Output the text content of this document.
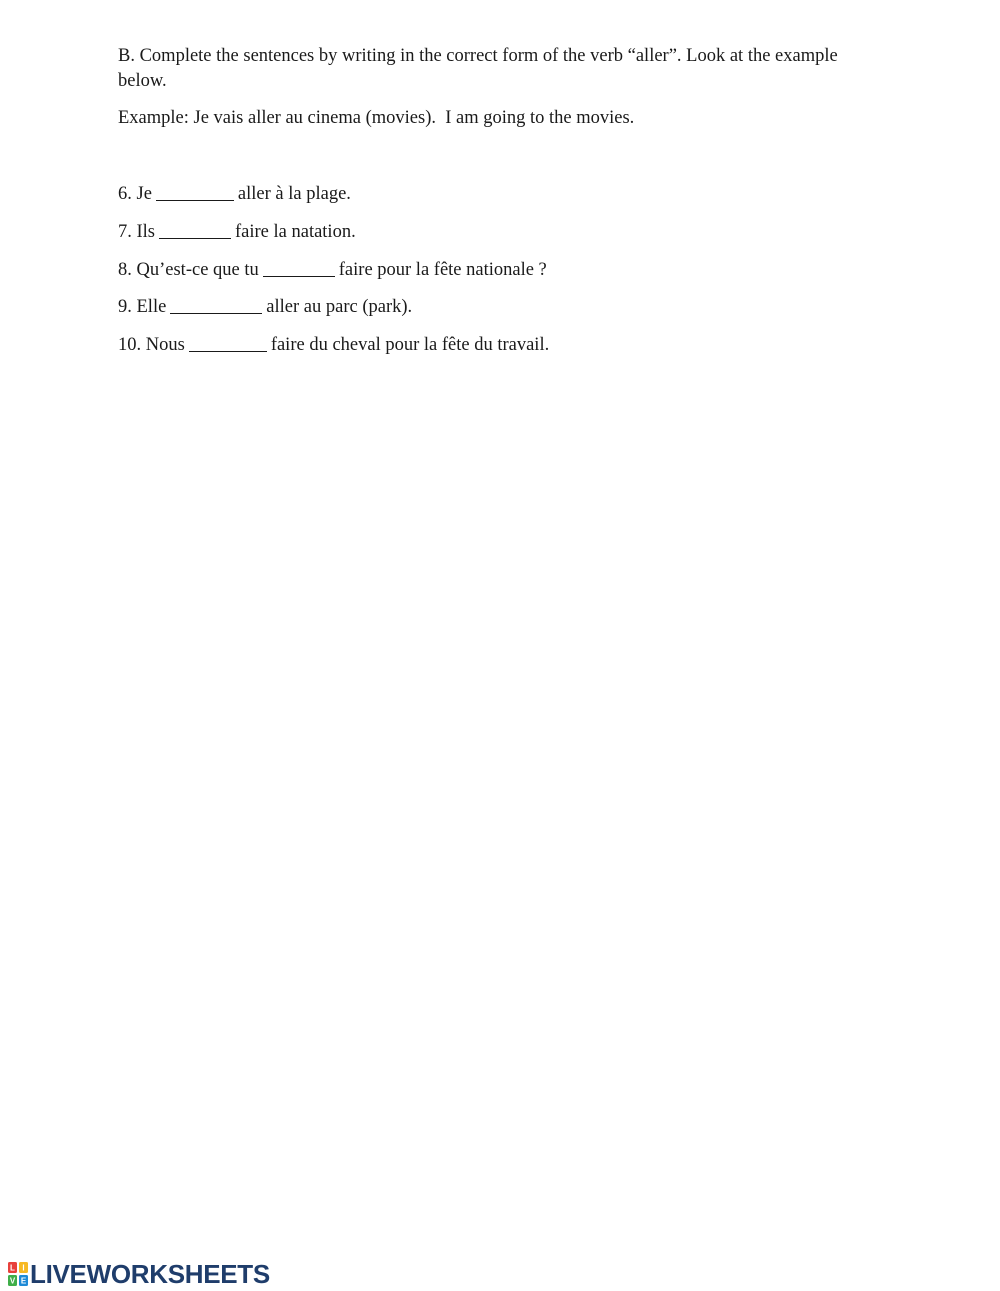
B. Complete the sentences by writing in the correct form of the verb “aller”. Look at the example below.

Example: Je vais aller au cinema (movies).  I am going to the movies.

6. Je	aller à la plage.
7. Ils	faire la natation.
8. Qu’est-ce que tu	faire pour la fête nationale ?
9. Elle	aller au parc (park).
10. Nous	faire du cheval pour la fête du travail.
L I
V E LIVEWORKSHEETS
